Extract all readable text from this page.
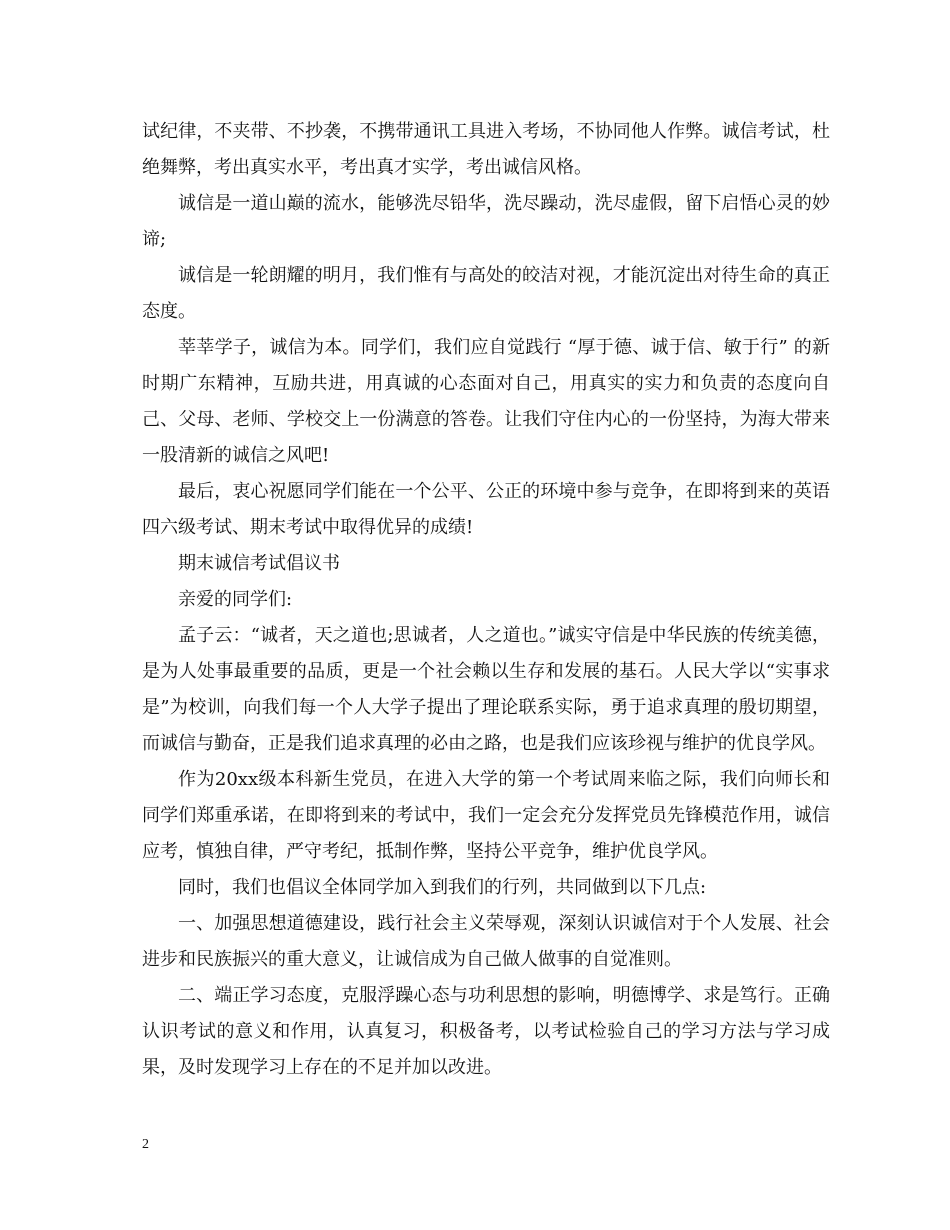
试纪律，不夹带、不抄袭，不携带通讯工具进入考场，不协同他人作弊。诚信考试，杜绝舞弊，考出真实水平，考出真才实学，考出诚信风格。

诚信是一道山巅的流水，能够洗尽铅华，洗尽躁动，洗尽虚假，留下启悟心灵的妙谛;

诚信是一轮朗耀的明月，我们惟有与高处的皎洁对视，才能沉淀出对待生命的真正态度。

莘莘学子，诚信为本。同学们，我们应自觉践行 “厚于德、诚于信、敏于行” 的新时期广东精神，互励共进，用真诚的心态面对自己，用真实的实力和负责的态度向自己、父母、老师、学校交上一份满意的答卷。让我们守住内心的一份坚持，为海大带来一股清新的诚信之风吧!

最后，衷心祝愿同学们能在一个公平、公正的环境中参与竞争，在即将到来的英语四六级考试、期末考试中取得优异的成绩!

期末诚信考试倡议书

亲爱的同学们:

孟子云：“诚者，天之道也;思诚者，人之道也。”诚实守信是中华民族的传统美德，是为人处事最重要的品质，更是一个社会赖以生存和发展的基石。人民大学以“实事求是”为校训，向我们每一个人大学子提出了理论联系实际，勇于追求真理的殷切期望，而诚信与勤奋，正是我们追求真理的必由之路，也是我们应该珍视与维护的优良学风。

作为20xx级本科新生党员，在进入大学的第一个考试周来临之际，我们向师长和同学们郑重承诺，在即将到来的考试中，我们一定会充分发挥党员先锋模范作用，诚信应考，慎独自律，严守考纪，抵制作弊，坚持公平竞争，维护优良学风。

同时，我们也倡议全体同学加入到我们的行列，共同做到以下几点:

一、加强思想道德建设，践行社会主义荣辱观，深刻认识诚信对于个人发展、社会进步和民族振兴的重大意义，让诚信成为自己做人做事的自觉准则。

二、端正学习态度，克服浮躁心态与功利思想的影响，明德博学、求是笃行。正确认识考试的意义和作用，认真复习，积极备考，以考试检验自己的学习方法与学习成果，及时发现学习上存在的不足并加以改进。

2
